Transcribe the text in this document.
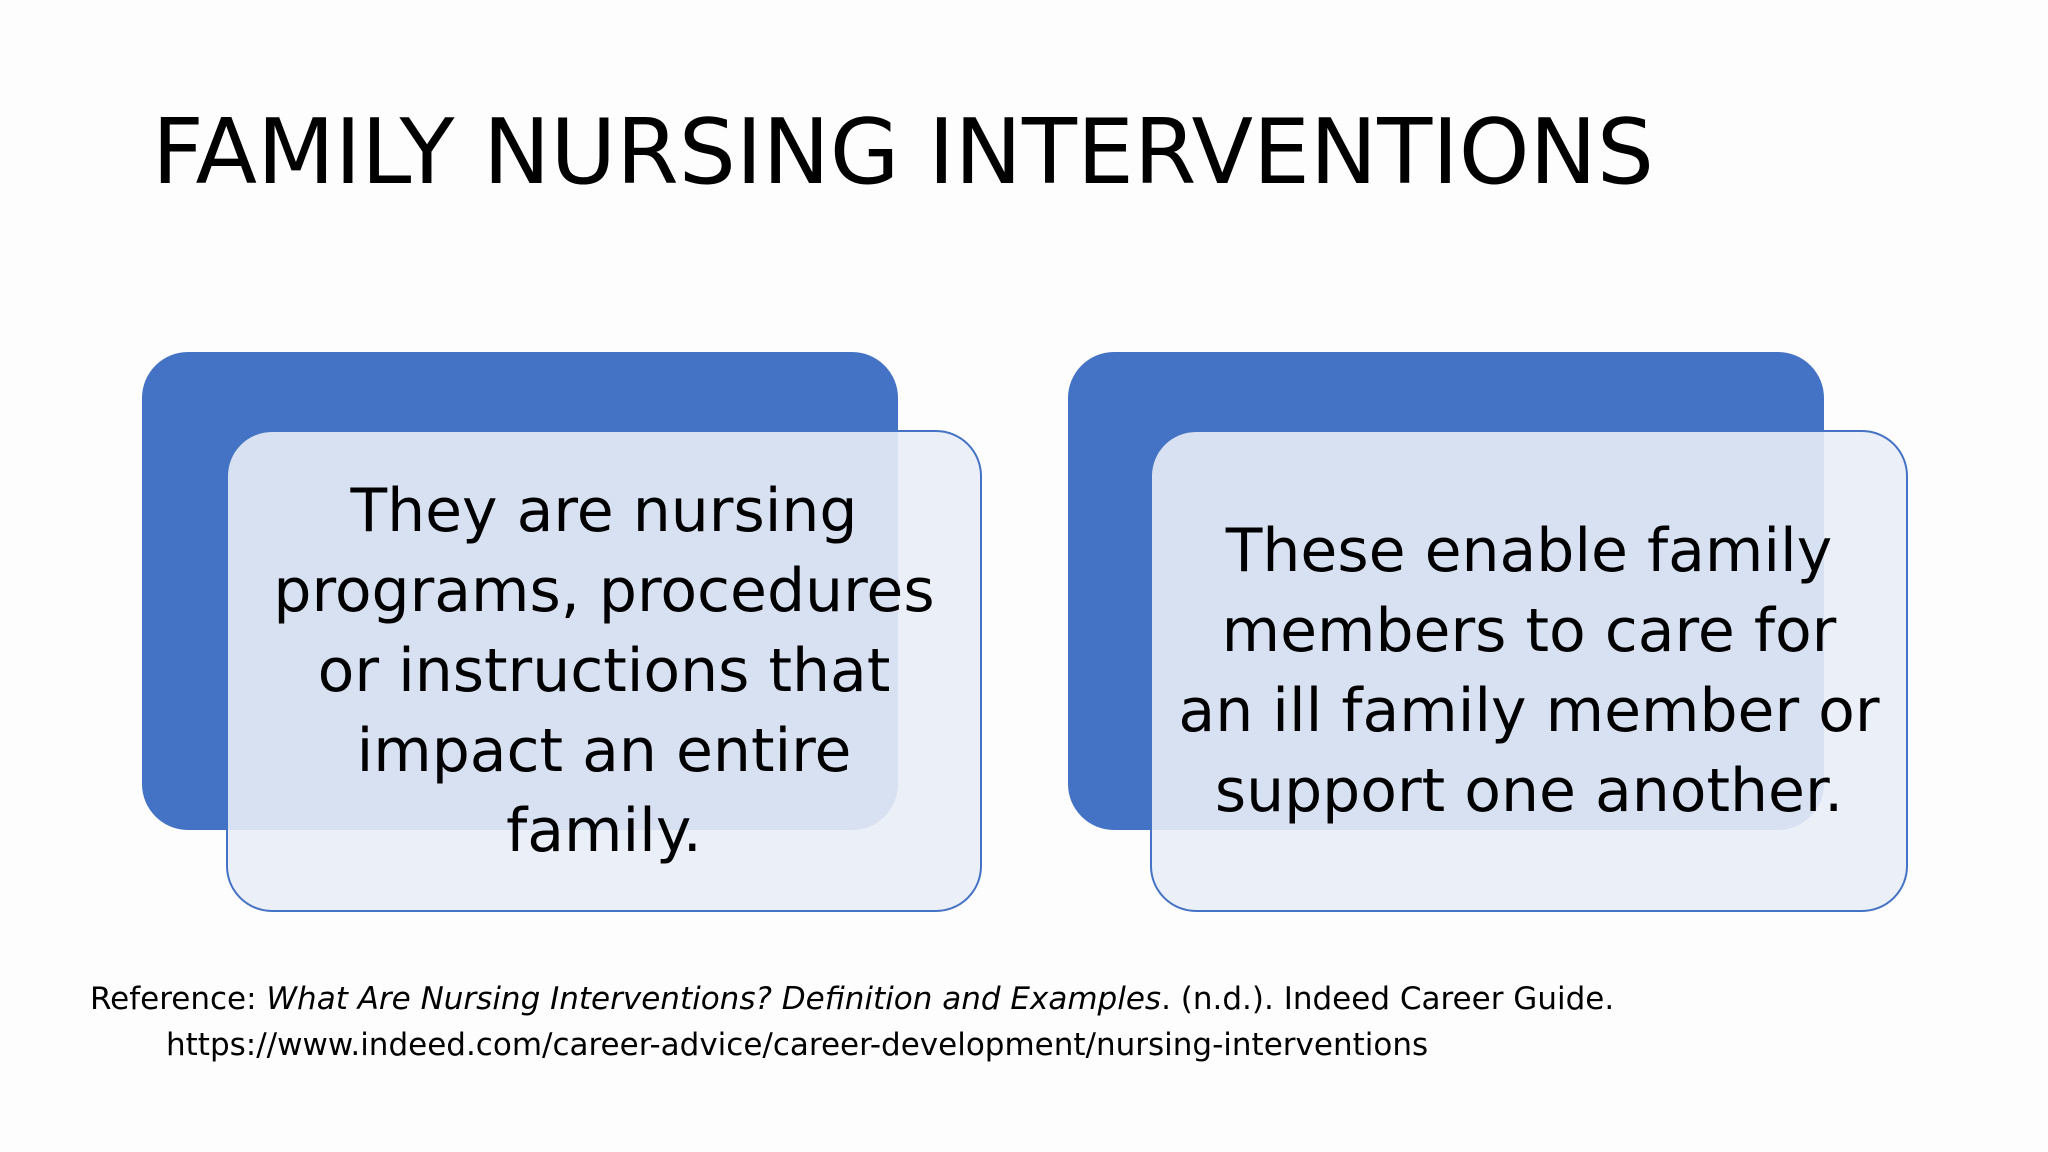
FAMILY NURSING INTERVENTIONS
They are nursing programs, procedures or instructions that impact an entire family.
These enable family members to care for an ill family member or support one another.
Reference: What Are Nursing Interventions? Definition and Examples. (n.d.). Indeed Career Guide.
https://www.indeed.com/career-advice/career-development/nursing-interventions
